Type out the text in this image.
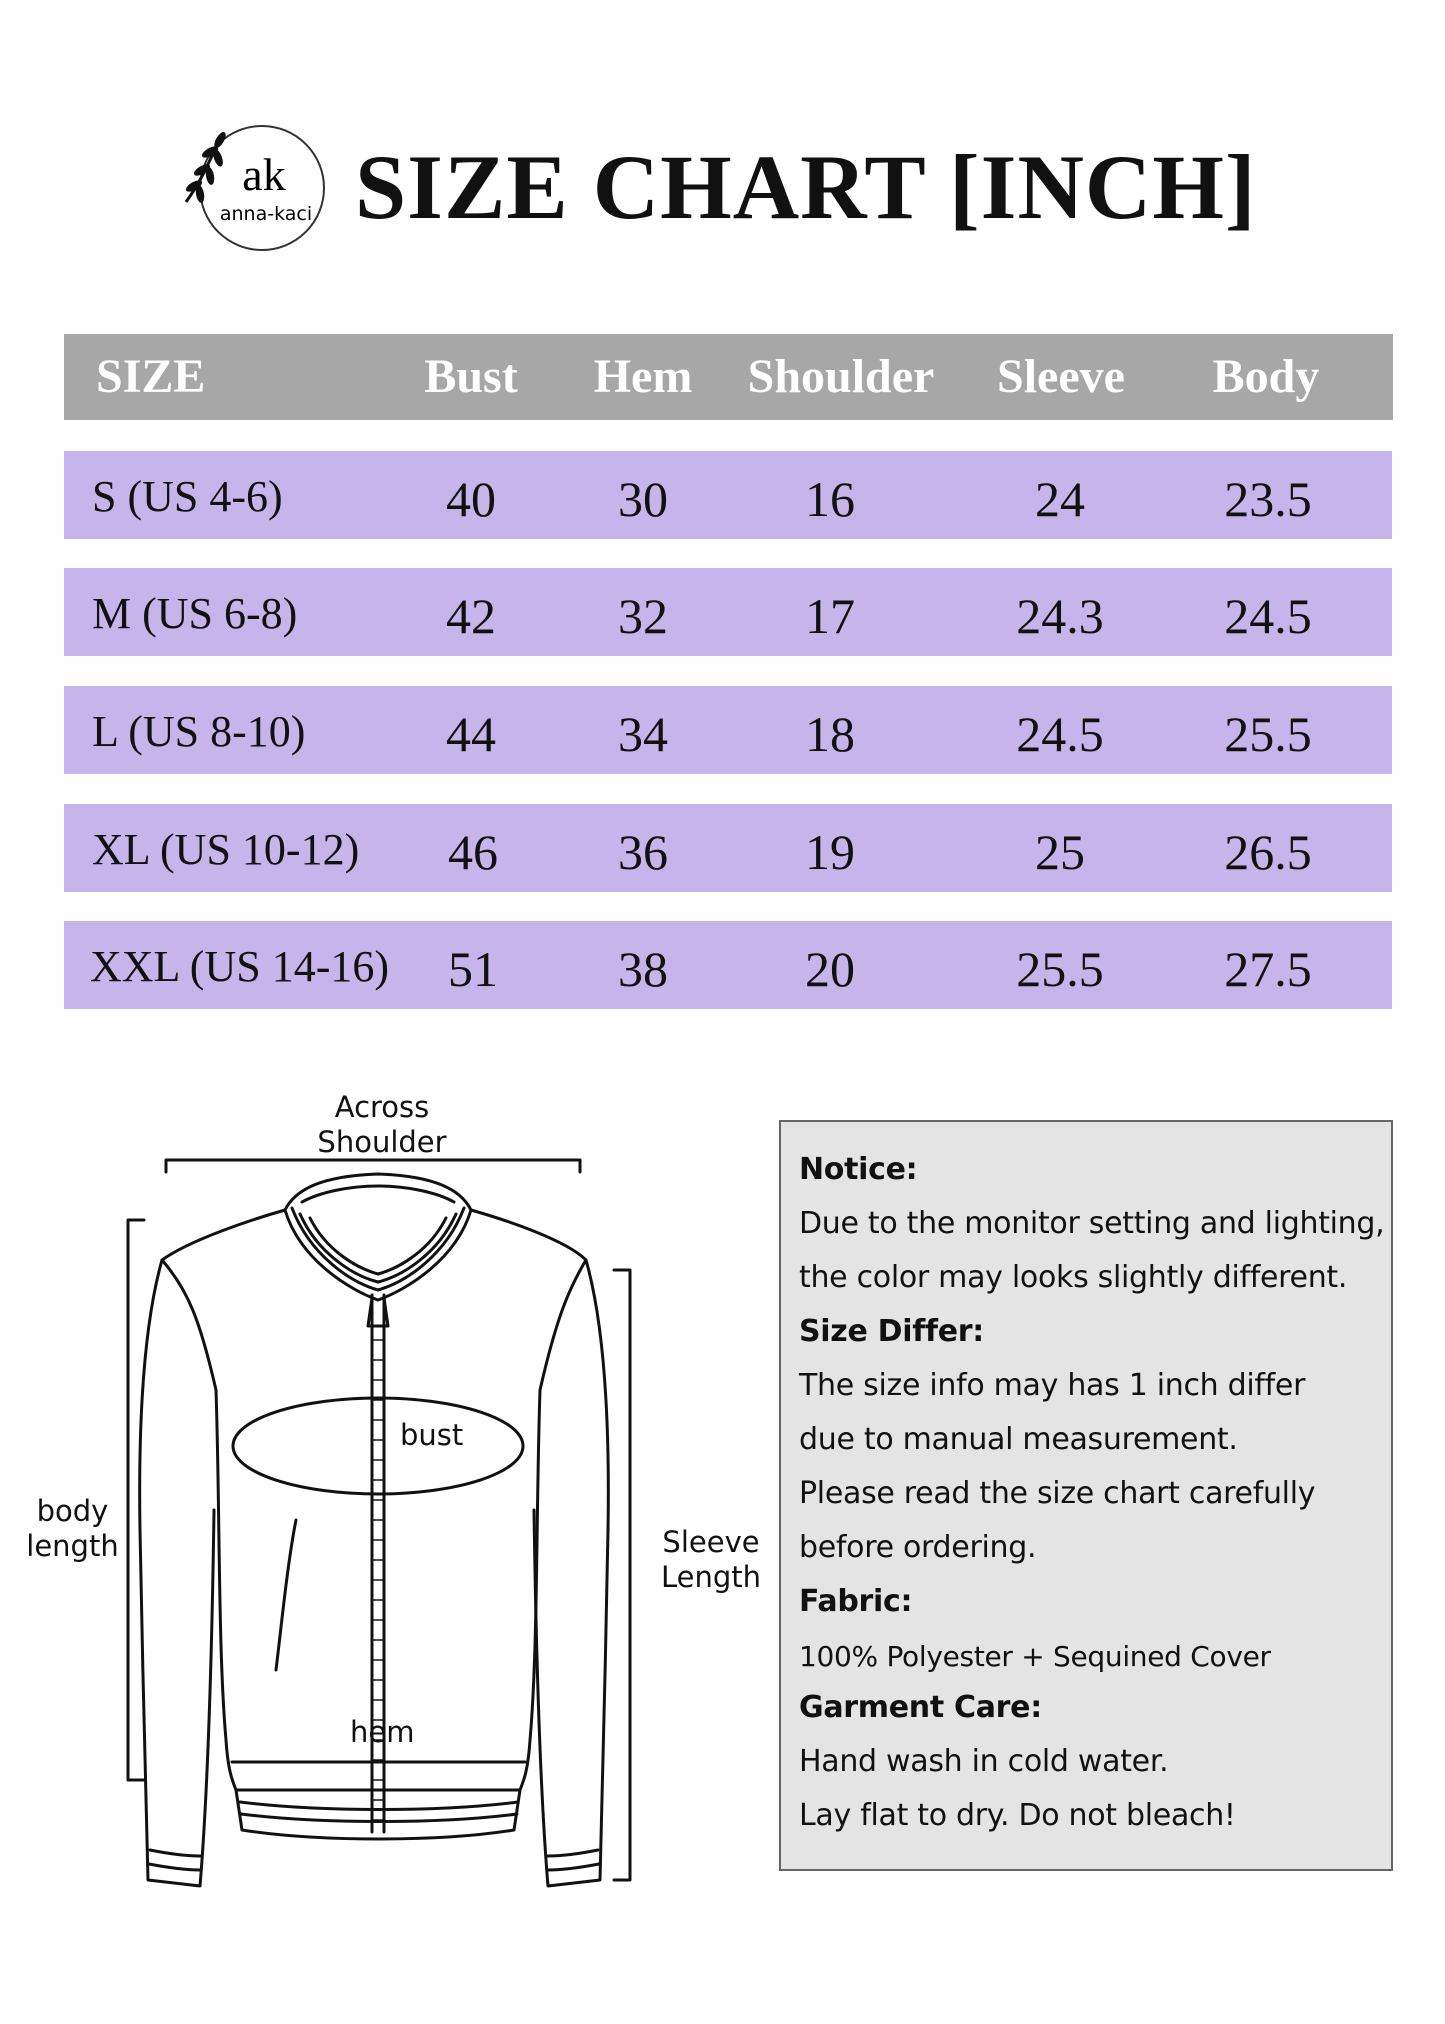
ak
anna-kaci SIZE CHART [INCH]
SIZE	Bust Hem Shoulder Sleeve Body
S (US 4-6)	40 30	16	24	23.5
M (US 6-8)	42 32	17	24.3 24.5
L (US 8-10)	44 34	18	24.5 25.5
XL (US 10-12) 46 36	19	25	26.5
XXL (US 14-16) 51 38	20	25.5 27.5
Across
Shoulder
body
length	Sleeve
Length
bust
hem
Notice:
Due to the monitor setting and lighting,
the color may looks slightly different.
Size Differ:
The size info may has 1 inch differ
due to manual measurement.
Please read the size chart carefully
before ordering.
Fabric:
100% Polyester + Sequined Cover
Garment Care:
Hand wash in cold water.
Lay flat to dry. Do not bleach!
